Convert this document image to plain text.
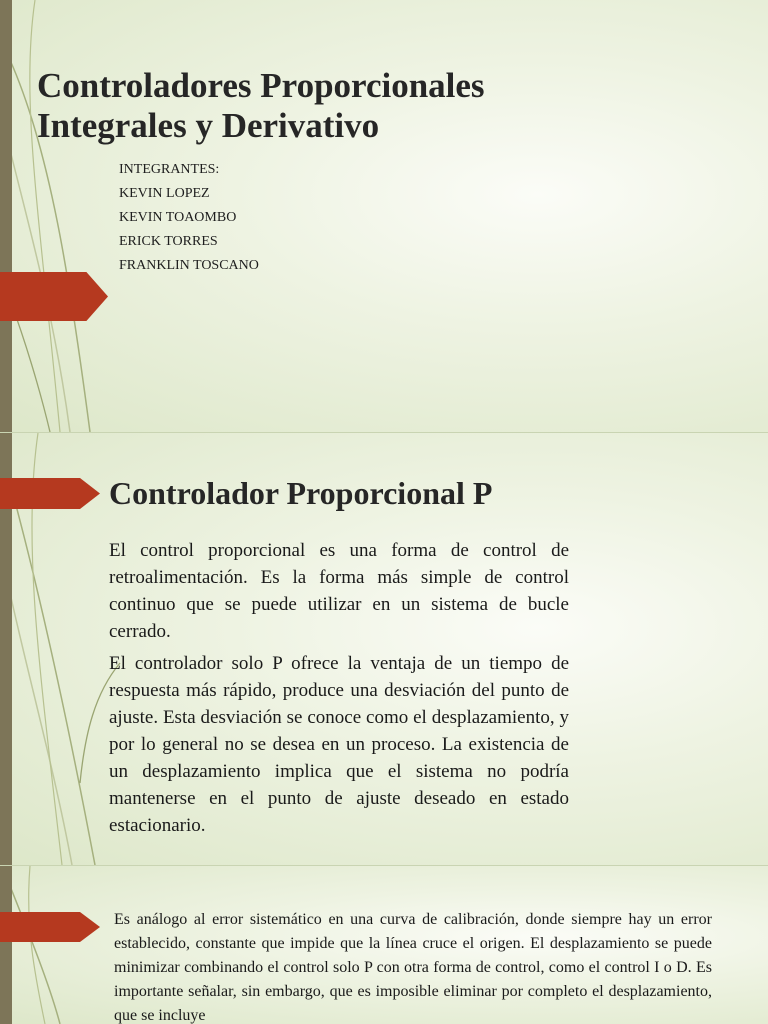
Controladores Proporcionales
Integrales y Derivativo
INTEGRANTES:
KEVIN LOPEZ
KEVIN TOAOMBO
ERICK TORRES
FRANKLIN TOSCANO
Controlador Proporcional P

El control proporcional es una forma de control de retroalimentación. Es la forma más simple de control continuo que se puede utilizar en un sistema de bucle cerrado.

El controlador solo P ofrece la ventaja de un tiempo de respuesta más rápido, produce una desviación del punto de ajuste. Esta desviación se conoce como el desplazamiento, y por lo general no se desea en un proceso. La existencia de un desplazamiento implica que el sistema no podría mantenerse en el punto de ajuste deseado en estado estacionario.

Es análogo al error sistemático en una curva de calibración, donde siempre hay un error establecido, constante que impide que la línea cruce el origen. El desplazamiento se puede minimizar combinando el control solo P con otra forma de control, como el control I o D. Es importante señalar, sin embargo, que es imposible eliminar por completo el desplazamiento, que se incluye
